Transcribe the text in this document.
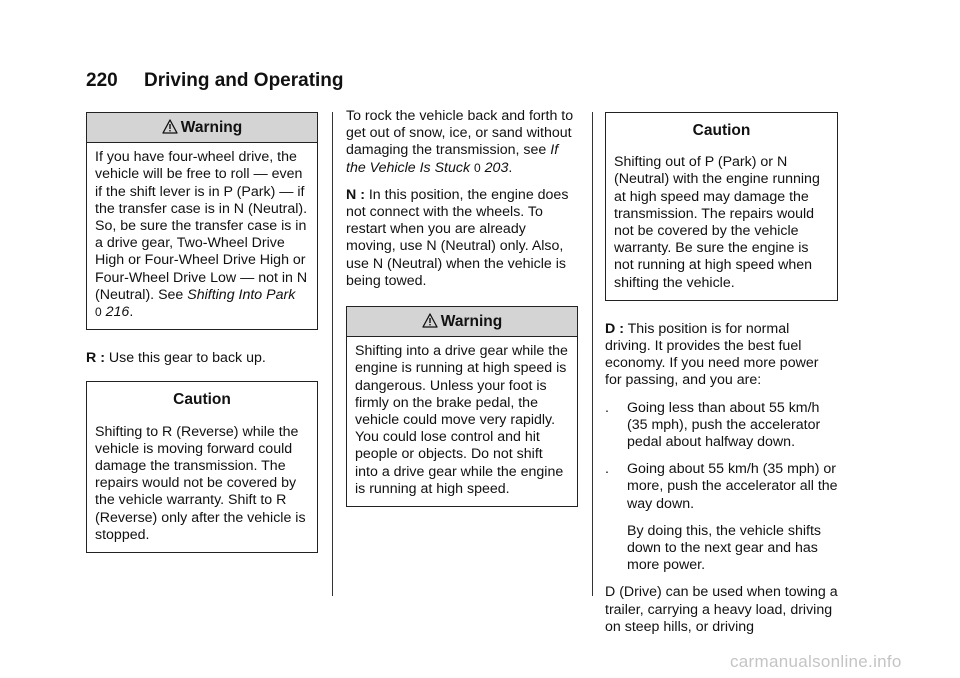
220 Driving and Operating
Warning
If you have four-wheel drive, the vehicle will be free to roll — even if the shift lever is in P (Park) — if the transfer case is in N (Neutral). So, be sure the transfer case is in a drive gear, Two-Wheel Drive High or Four-Wheel Drive High or Four-Wheel Drive Low — not in N (Neutral). See Shifting Into Park
0 216.

R : Use this gear to back up.

Caution
Shifting to R (Reverse) while the vehicle is moving forward could damage the transmission. The repairs would not be covered by the vehicle warranty. Shift to R (Reverse) only after the vehicle is stopped.

To rock the vehicle back and forth to get out of snow, ice, or sand without damaging the transmission, see If the Vehicle Is Stuck 0 203.

N : In this position, the engine does not connect with the wheels. To restart when you are already moving, use N (Neutral) only. Also, use N (Neutral) when the vehicle is being towed.

Warning
Shifting into a drive gear while the engine is running at high speed is dangerous. Unless your foot is firmly on the brake pedal, the vehicle could move very rapidly. You could lose control and hit people or objects. Do not shift into a drive gear while the engine is running at high speed.
Caution
Shifting out of P (Park) or N (Neutral) with the engine running at high speed may damage the transmission. The repairs would not be covered by the vehicle warranty. Be sure the engine is not running at high speed when shifting the vehicle.

D : This position is for normal driving. It provides the best fuel economy. If you need more power for passing, and you are:

.	Going less than about 55 km/h (35 mph), push the accelerator pedal about halfway down.
.	Going about 55 km/h (35 mph) or more, push the accelerator all the way down.

By doing this, the vehicle shifts down to the next gear and has more power.

D (Drive) can be used when towing a trailer, carrying a heavy load, driving on steep hills, or driving

carmanualsonline.info
